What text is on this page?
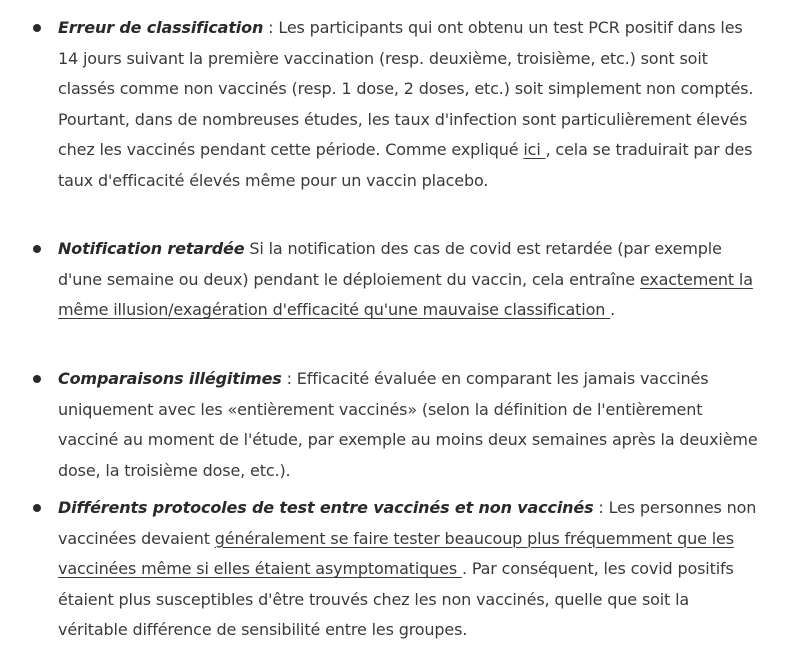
Erreur de classification : Les participants qui ont obtenu un test PCR positif dans les 14 jours suivant la première vaccination (resp. deuxième, troisième, etc.) sont soit classés comme non vaccinés (resp. 1 dose, 2 doses, etc.) soit simplement non comptés. Pourtant, dans de nombreuses études, les taux d'infection sont particulièrement élevés chez les vaccinés pendant cette période. Comme expliqué ici , cela se traduirait par des taux d'efficacité élevés même pour un vaccin placebo.
Notification retardée Si la notification des cas de covid est retardée (par exemple d'une semaine ou deux) pendant le déploiement du vaccin, cela entraîne exactement la même illusion/exagération d'efficacité qu'une mauvaise classification .
Comparaisons illégitimes : Efficacité évaluée en comparant les jamais vaccinés uniquement avec les «entièrement vaccinés» (selon la définition de l'entièrement vacciné au moment de l'étude, par exemple au moins deux semaines après la deuxième dose, la troisième dose, etc.).
Différents protocoles de test entre vaccinés et non vaccinés : Les personnes non vaccinées devaient généralement se faire tester beaucoup plus fréquemment que les vaccinées même si elles étaient asymptomatiques . Par conséquent, les covid positifs étaient plus susceptibles d'être trouvés chez les non vaccinés, quelle que soit la véritable différence de sensibilité entre les groupes.
